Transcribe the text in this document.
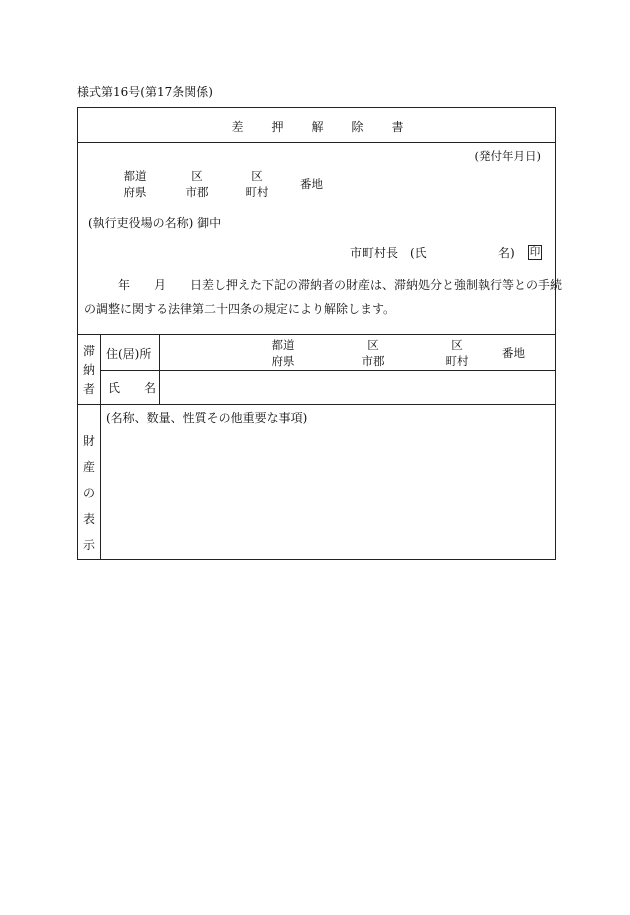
様式第16号(第17条関係)
差 押 解 除 書
(発付年月日)
都道
府県
区
市郡
区
町村
番地
(執行吏役場の名称) 御中
市町村長 (氏	名)	印
年　　月　　日差し押えた下記の滞納者の財産は、滞納処分と強制執行等との手続
の調整に関する法律第二十四条の規定により解除します。
滞
納
者
住(居)所
氏　　名
都道
府県
区
市郡
区
町村
番地
財
産
の
表
示
(名称、数量、性質その他重要な事項)
